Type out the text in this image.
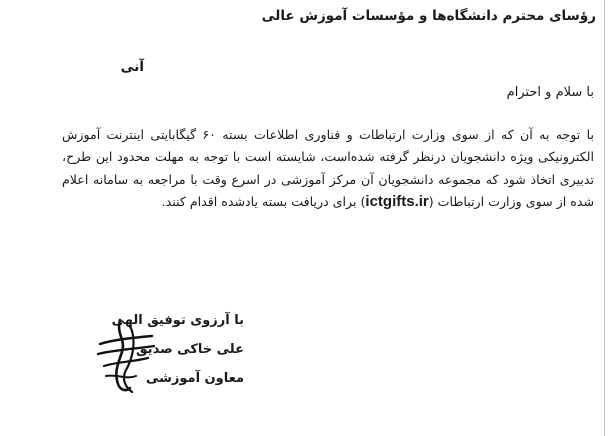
رؤسای محترم دانشگاه‌ها و مؤسسات آموزش عالی
آنی
با سلام و احترام
با توجه به آن که از سوی وزارت ارتباطات و فناوری اطلاعات بسته ۶۰ گیگابایتی اینترنت آموزش الکترونیکی ویژه دانشجویان درنظر گرفته شده‌است، شایسته است با توجه به مهلت محدود این طرح، تدبیری اتخاذ شود که مجموعه دانشجویان آن مرکز آموزشی در اسرع وقت با مراجعه به سامانه اعلام شده از سوی وزارت ارتباطات (ictgifts.ir) برای دریافت بسته یادشده اقدام کنند.
با آرزوی توفیق الهی
علی خاکی صدیق
معاون آموزشی
